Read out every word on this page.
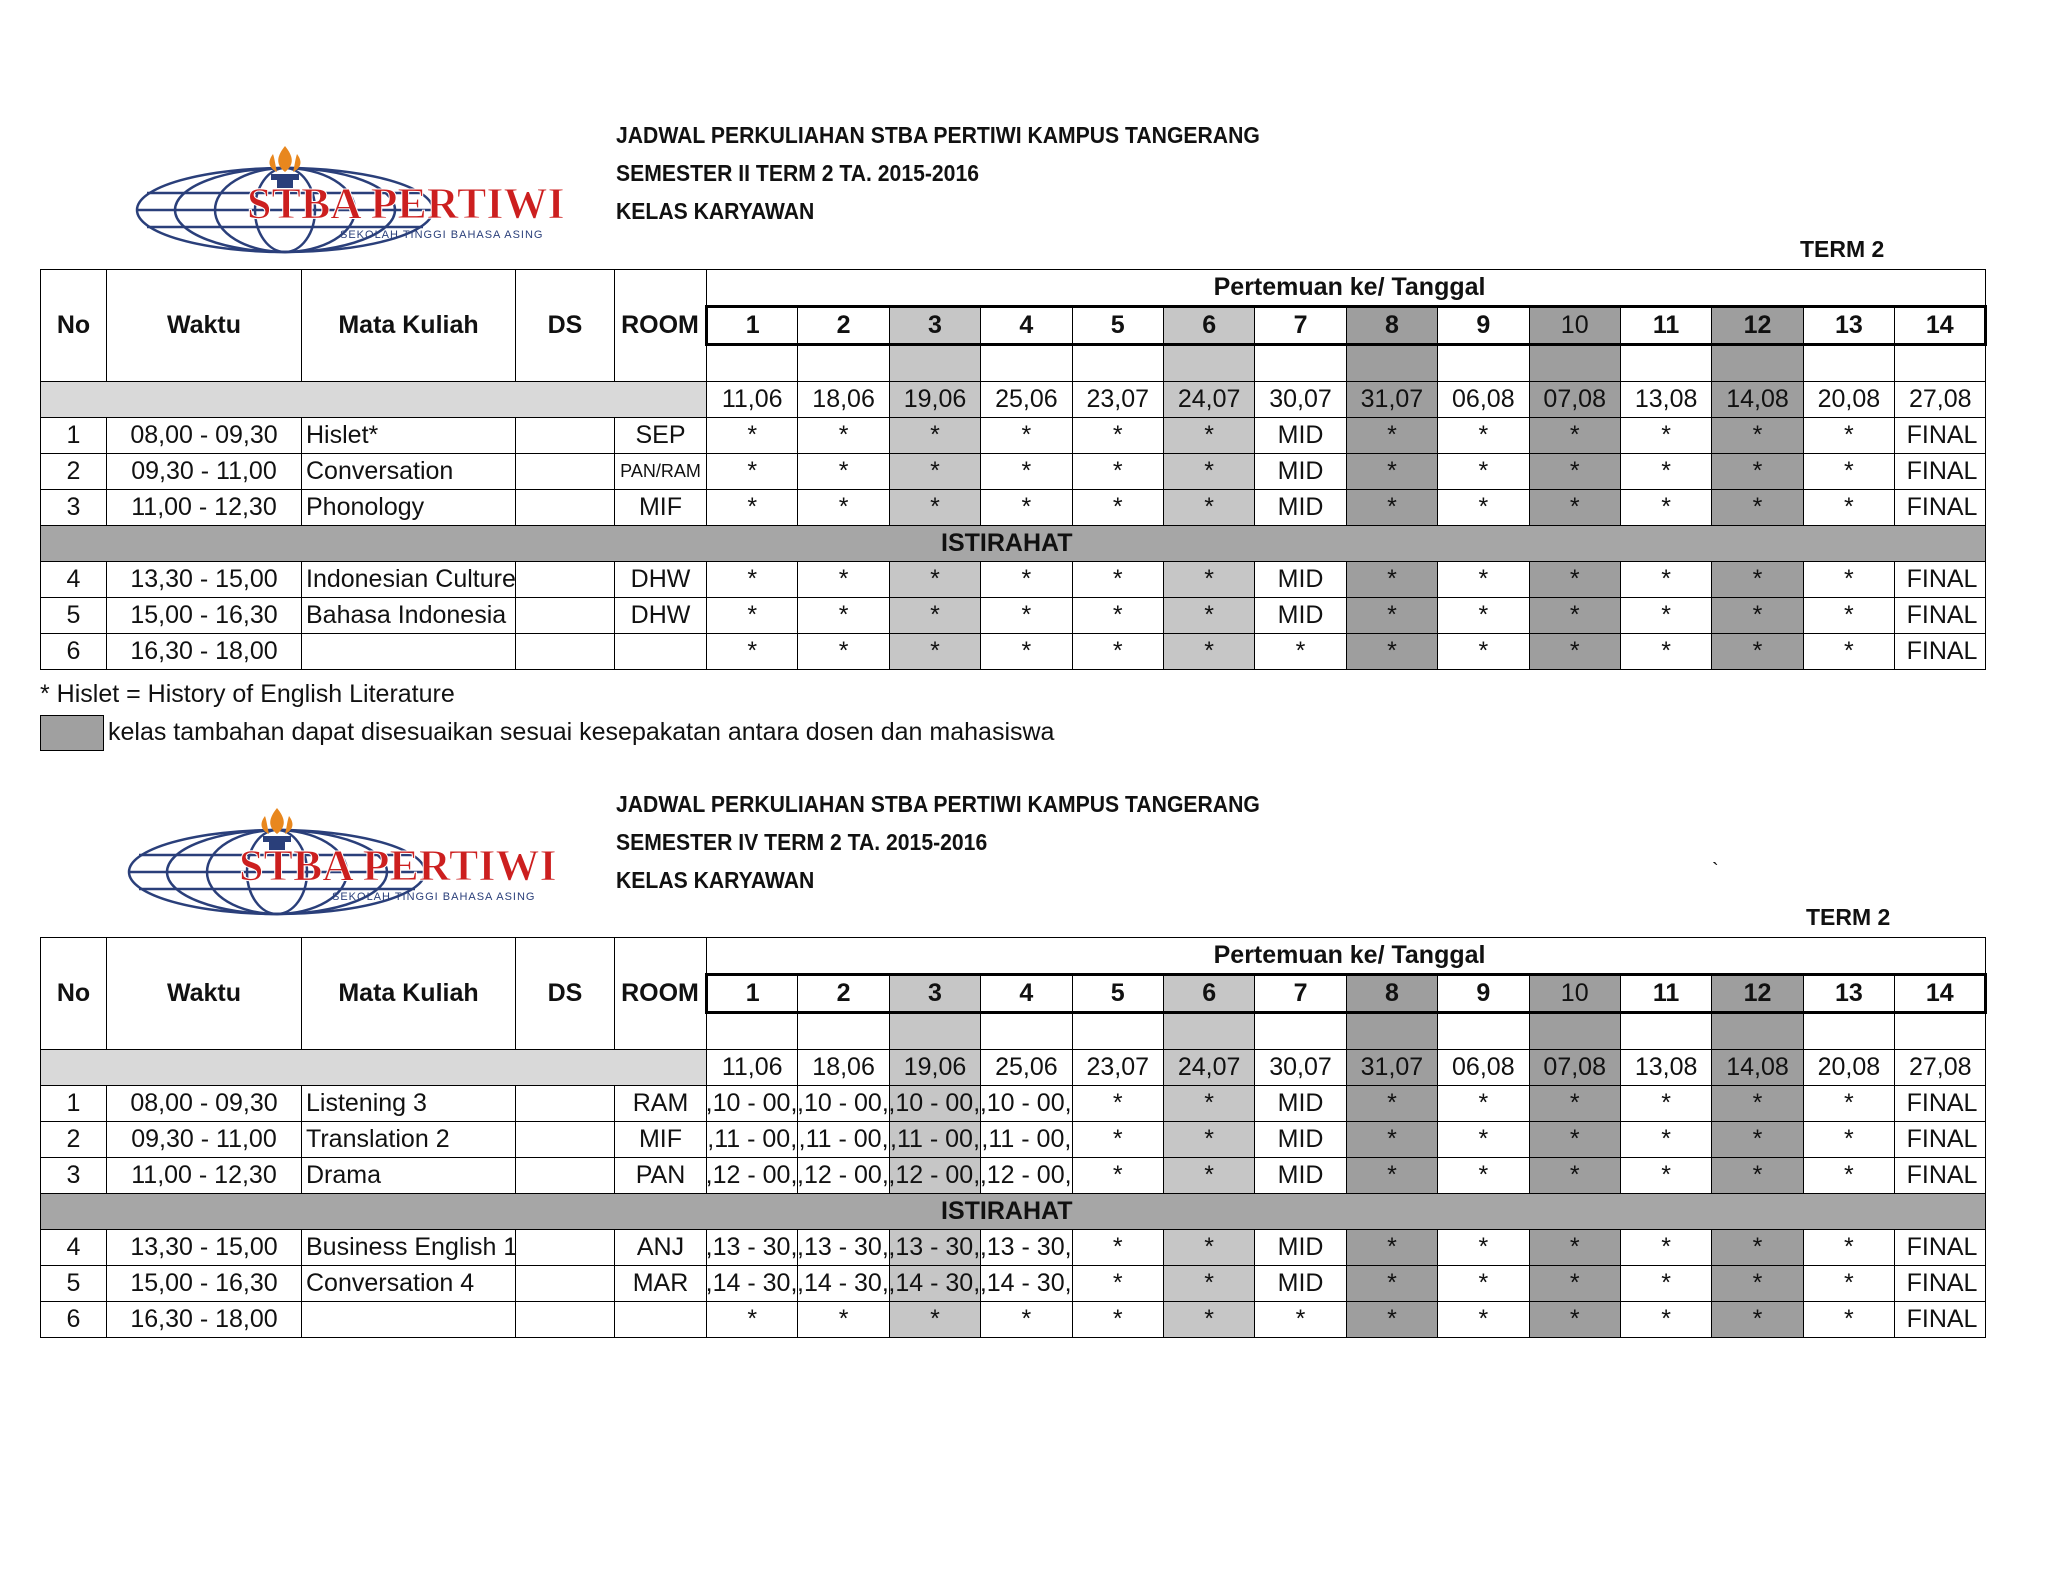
STBA PERTIWI
SEKOLAH TINGGI BAHASA ASING
JADWAL PERKULIAHAN STBA PERTIWI KAMPUS TANGERANG
SEMESTER II TERM 2 TA. 2015-2016
KELAS KARYAWAN
TERM 2
No	Waktu	Mata Kuliah	DS	ROOM	Pertemuan ke/ Tanggal													
					1	2	3	4	5	6	7	8	9	10	11	12	13	14

					11,06	18,06	19,06	25,06	23,07	24,07	30,07	31,07	06,08	07,08	13,08	14,08	20,08	27,08
1	08,00 - 09,30	Hislet*		SEP	*	*	*	*	*	*	MID	*	*	*	*	*	*	FINAL
2	09,30 - 11,00	Conversation		PAN/RAM	*	*	*	*	*	*	MID	*	*	*	*	*	*	FINAL
3	11,00 - 12,30	Phonology		MIF	*	*	*	*	*	*	MID	*	*	*	*	*	*	FINAL
ISTIRAHAT																		
4	13,30 - 15,00	Indonesian Culture		DHW	*	*	*	*	*	*	MID	*	*	*	*	*	*	FINAL
5	15,00 - 16,30	Bahasa Indonesia		DHW	*	*	*	*	*	*	MID	*	*	*	*	*	*	FINAL
6	16,30 - 18,00				*	*	*	*	*	*	*	*	*	*	*	*	*	FINAL
* Hislet = History of English Literature
kelas tambahan dapat disesuaikan sesuai kesepakatan antara dosen dan mahasiswa
STBA PERTIWI
SEKOLAH TINGGI BAHASA ASING
JADWAL PERKULIAHAN STBA PERTIWI KAMPUS TANGERANG
SEMESTER IV TERM 2 TA. 2015-2016
KELAS KARYAWAN	`
TERM 2
No	Waktu	Mata Kuliah	DS	ROOM	Pertemuan ke/ Tanggal													
					1	2	3	4	5	6	7	8	9	10	11	12	13	14

					11,06	18,06	19,06	25,06	23,07	24,07	30,07	31,07	06,08	07,08	13,08	14,08	20,08	27,08
1	08,00 - 09,30	Listening 3		RAM	,00 - 10,	,00 - 10,	,00 - 10,	,00 - 10,	*	*	MID	*	*	*	*	*	*	FINAL
2	09,30 - 11,00	Translation 2		MIF	,00 - 11,	,00 - 11,	,00 - 11,	,00 - 11,	*	*	MID	*	*	*	*	*	*	FINAL
3	11,00 - 12,30	Drama		PAN	,00 - 12,	,00 - 12,	,00 - 12,	,00 - 12,	*	*	MID	*	*	*	*	*	*	FINAL
ISTIRAHAT																		
4	13,30 - 15,00	Business English 1		ANJ	,30 - 13,	,30 - 13,	,30 - 13,	,30 - 13,	*	*	MID	*	*	*	*	*	*	FINAL
5	15,00 - 16,30	Conversation 4		MAR	,30 - 14,	,30 - 14,	,30 - 14,	,30 - 14,	*	*	MID	*	*	*	*	*	*	FINAL
6	16,30 - 18,00				*	*	*	*	*	*	*	*	*	*	*	*	*	FINAL
